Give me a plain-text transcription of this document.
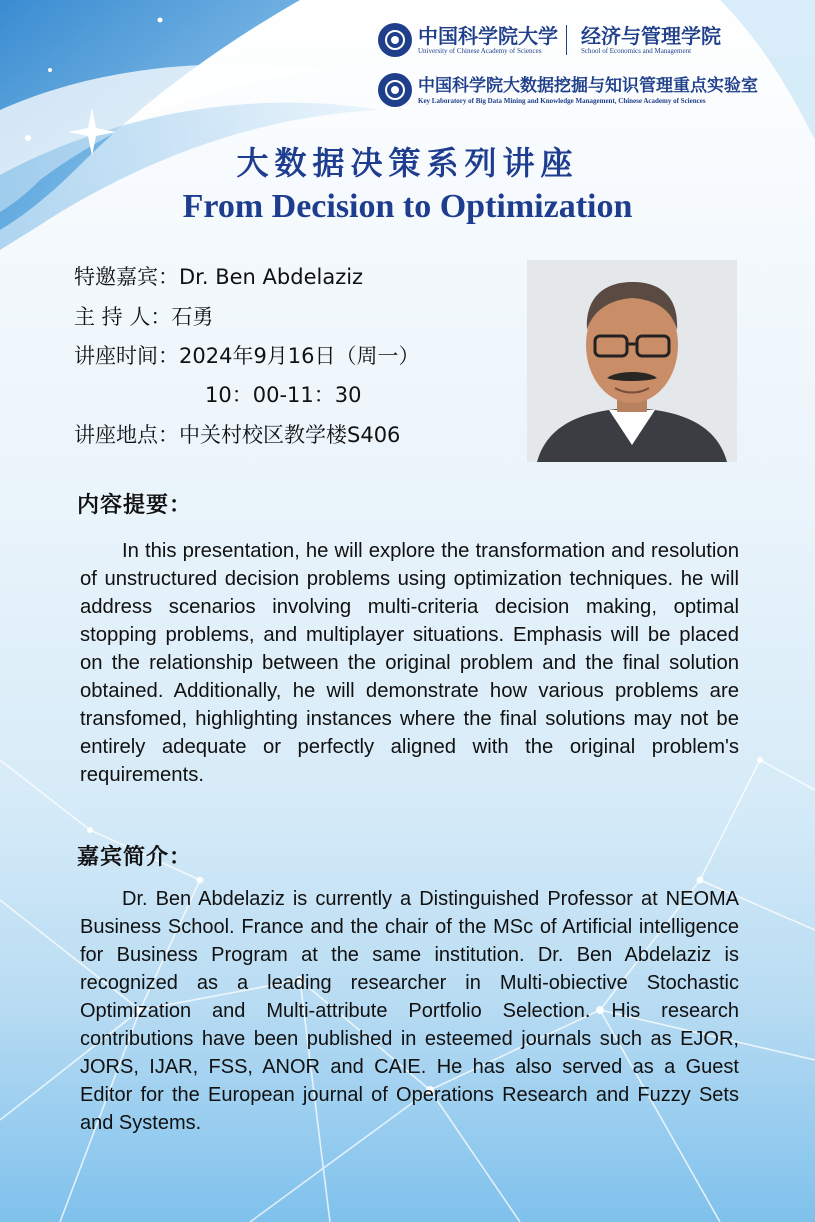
中国科学院大学
University of Chinese Academy of Sciences
经济与管理学院
School of Economics and Management
中国科学院大数据挖掘与知识管理重点实验室
Key Laboratory of Big Data Mining and Knowledge Management, Chinese Academy of Sciences
大数据决策系列讲座
From Decision to Optimization
特邀嘉宾：Dr. Ben Abdelaziz
主 持 人：石勇
讲座时间：2024年9月16日（周一）
10：00-11：30
讲座地点：中关村校区教学楼S406
内容提要：
In this presentation, he will explore the transformation and resolution of unstructured decision problems using optimization techniques. he will address scenarios involving multi-criteria decision making, optimal stopping problems, and multiplayer situations. Emphasis will be placed on the relationship between the original problem and the final solution obtained. Additionally, he will demonstrate how various problems are transfomed, highlighting instances where the final solutions may not be entirely adequate or perfectly aligned with the original problem's requirements.
嘉宾简介：
Dr. Ben Abdelaziz is currently a Distinguished Professor at NEOMA Business School. France and the chair of the MSc of Artificial intelligence for Business Program at the same institution. Dr. Ben Abdelaziz is recognized as a leading researcher in Multi-obiective Stochastic Optimization and Multi-attribute Portfolio Selection. His research contributions have been published in esteemed journals such as EJOR, JORS, IJAR, FSS, ANOR and CAIE. He has also served as a Guest Editor for the European journal of Operations Research and Fuzzy Sets and Systems.
